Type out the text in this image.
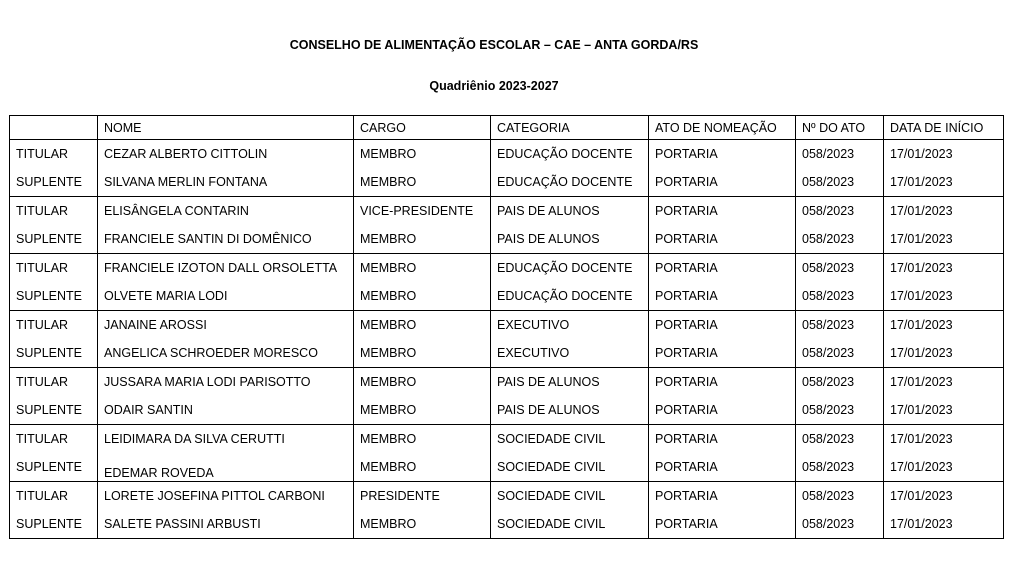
CONSELHO DE ALIMENTAÇÃO ESCOLAR – CAE – ANTA GORDA/RS
Quadriênio 2023-2027
	NOME	CARGO	CATEGORIA	ATO DE NOMEAÇÃO	Nº DO ATO	DATA DE INÍCIO
TITULAR	CEZAR ALBERTO CITTOLIN	MEMBRO	EDUCAÇÃO DOCENTE	PORTARIA	058/2023	17/01/2023
SUPLENTE	SILVANA MERLIN FONTANA	MEMBRO	EDUCAÇÃO DOCENTE	PORTARIA	058/2023	17/01/2023
TITULAR	ELISÂNGELA CONTARIN	VICE-PRESIDENTE	PAIS DE ALUNOS	PORTARIA	058/2023	17/01/2023
SUPLENTE	FRANCIELE SANTIN DI DOMÊNICO	MEMBRO	PAIS DE ALUNOS	PORTARIA	058/2023	17/01/2023
TITULAR	FRANCIELE IZOTON DALL ORSOLETTA	MEMBRO	EDUCAÇÃO DOCENTE	PORTARIA	058/2023	17/01/2023
SUPLENTE	OLVETE MARIA LODI	MEMBRO	EDUCAÇÃO DOCENTE	PORTARIA	058/2023	17/01/2023
TITULAR	JANAINE AROSSI	MEMBRO	EXECUTIVO	PORTARIA	058/2023	17/01/2023
SUPLENTE	ANGELICA SCHROEDER MORESCO	MEMBRO	EXECUTIVO	PORTARIA	058/2023	17/01/2023
TITULAR	JUSSARA MARIA LODI PARISOTTO	MEMBRO	PAIS DE ALUNOS	PORTARIA	058/2023	17/01/2023
SUPLENTE	ODAIR SANTIN	MEMBRO	PAIS DE ALUNOS	PORTARIA	058/2023	17/01/2023
TITULAR	LEIDIMARA DA SILVA CERUTTI	MEMBRO	SOCIEDADE CIVIL	PORTARIA	058/2023	17/01/2023
SUPLENTE	EDEMAR ROVEDA	MEMBRO	SOCIEDADE CIVIL	PORTARIA	058/2023	17/01/2023
TITULAR	LORETE JOSEFINA PITTOL CARBONI	PRESIDENTE	SOCIEDADE CIVIL	PORTARIA	058/2023	17/01/2023
SUPLENTE	SALETE PASSINI ARBUSTI	MEMBRO	SOCIEDADE CIVIL	PORTARIA	058/2023	17/01/2023
